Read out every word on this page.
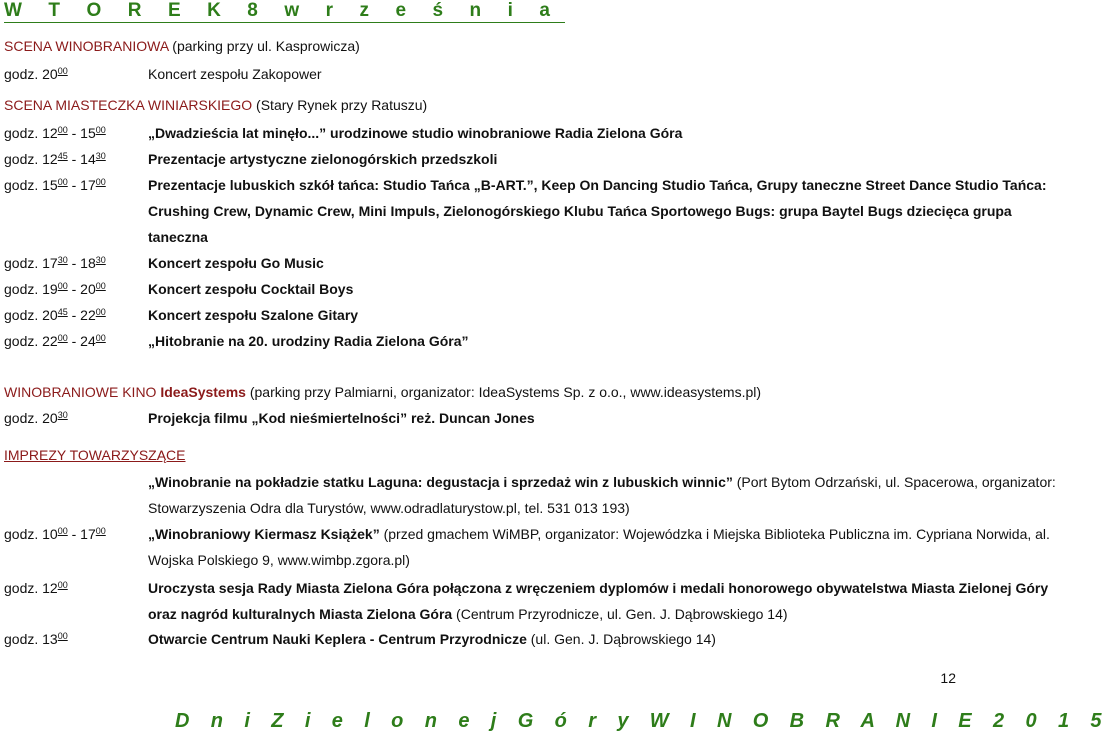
W T O R E K 8 w r z e ś n i a
SCENA WINOBRANIOWA (parking przy ul. Kasprowicza)
godz. $20^{00}$	Koncert zespołu Zakopower
SCENA MIASTECZKA WINIARSKIEGO (Stary Rynek przy Ratuszu)
godz. $12^{00} - 15^{00}$	„Dwadzieścia lat minęło...” urodzinowe studio winobraniowe Radia Zielona Góra
godz. $12^{45} - 14^{30}$	Prezentacje artystyczne zielonogórskich przedszkoli
godz. $15^{00} - 17^{00}$	Prezentacje lubuskich szkół tańca: Studio Tańca „B-ART.”, Keep On Dancing Studio Tańca, Grupy taneczne Street Dance Studio Tańca:
Crushing Crew, Dynamic Crew, Mini Impuls, Zielonogórskiego Klubu Tańca Sportowego Bugs: grupa Baytel Bugs dziecięca grupa
taneczna
godz. $17^{30} - 18^{30}$	Koncert zespołu Go Music
godz. $19^{00} - 20^{00}$	Koncert zespołu Cocktail Boys
godz. $20^{45} - 22^{00}$	Koncert zespołu Szalone Gitary
godz. $22^{00} - 24^{00}$	„Hitobranie na 20. urodziny Radia Zielona Góra”
WINOBRANIOWE KINO IdeaSystems (parking przy Palmiarni, organizator: IdeaSystems Sp. z o.o., www.ideasystems.pl)
godz. $20^{30}$	Projekcja filmu „Kod nieśmiertelności” reż. Duncan Jones
IMPREZY TOWARZYSZĄCE
„Winobranie na pokładzie statku Laguna: degustacja i sprzedaż win z lubuskich winnic” (Port Bytom Odrzański, ul. Spacerowa, organizator:
Stowarzyszenia Odra dla Turystów, www.odradlaturystow.pl, tel. 531 013 193)
godz. $10^{00} - 17^{00}$	„Winobraniowy Kiermasz Książek” (przed gmachem WiMBP, organizator: Wojewódzka i Miejska Biblioteka Publiczna im. Cypriana Norwida, al.
Wojska Polskiego 9, www.wimbp.zgora.pl)
godz. $12^{00}$	Uroczysta sesja Rady Miasta Zielona Góra połączona z wręczeniem dyplomów i medali honorowego obywatelstwa Miasta Zielonej Góry
oraz nagród kulturalnych Miasta Zielona Góra (Centrum Przyrodnicze, ul. Gen. J. Dąbrowskiego 14)
godz. $13^{00}$	Otwarcie Centrum Nauki Keplera - Centrum Przyrodnicze (ul. Gen. J. Dąbrowskiego 14)
12
D n i Z i e l o n e j G ó r y W I N O B R A N I E 2 0 1 5
